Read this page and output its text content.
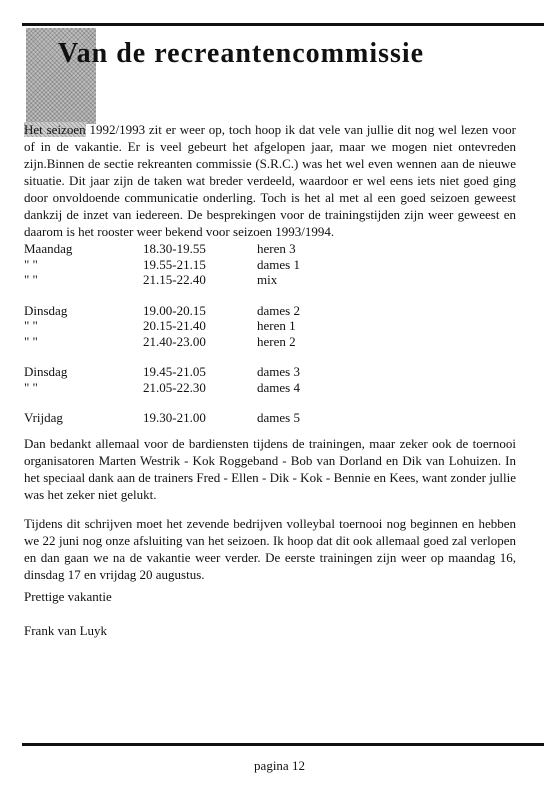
Van de recreantencommissie

Het seizoen 1992/1993 zit er weer op, toch hoop ik dat vele van jullie dit nog wel lezen voor of in de vakantie. Er is veel gebeurt het afgelopen jaar, maar we mogen niet ontevreden zijn.Binnen de sectie rekreanten commissie (S.R.C.) was het wel even wennen aan de nieuwe situatie. Dit jaar zijn de taken wat breder verdeeld, waardoor er wel eens iets niet goed ging door onvoldoende communicatie onderling. Toch is het al met al een goed seizoen geweest dankzij de inzet van iedereen. De besprekingen voor de trainingstijden zijn weer geweest en daarom is het rooster weer bekend voor seizoen 1993/1994.

Maandag	18.30-19.55	heren 3
" "	19.55-21.15	dames 1
" "	21.15-22.40	mix
Dinsdag	19.00-20.15	dames 2
" "	20.15-21.40	heren 1
" "	21.40-23.00	heren 2
Dinsdag	19.45-21.05	dames 3
" "	21.05-22.30	dames 4
Vrijdag	19.30-21.00	dames 5

Dan bedankt allemaal voor de bardiensten tijdens de trainingen, maar zeker ook de toernooi organisatoren Marten Westrik - Kok Roggeband - Bob van Dorland en Dik van Lohuizen. In het speciaal dank aan de trainers Fred - Ellen - Dik - Kok - Bennie en Kees, want zonder jullie was het zeker niet gelukt.

Tijdens dit schrijven moet het zevende bedrijven volleybal toernooi nog beginnen en hebben we 22 juni nog onze afsluiting van het seizoen. Ik hoop dat dit ook allemaal goed zal verlopen en dan gaan we na de vakantie weer verder. De eerste trainingen zijn weer op maandag 16, dinsdag 17 en vrijdag 20 augustus.

Prettige vakantie

Frank van Luyk

pagina 12
